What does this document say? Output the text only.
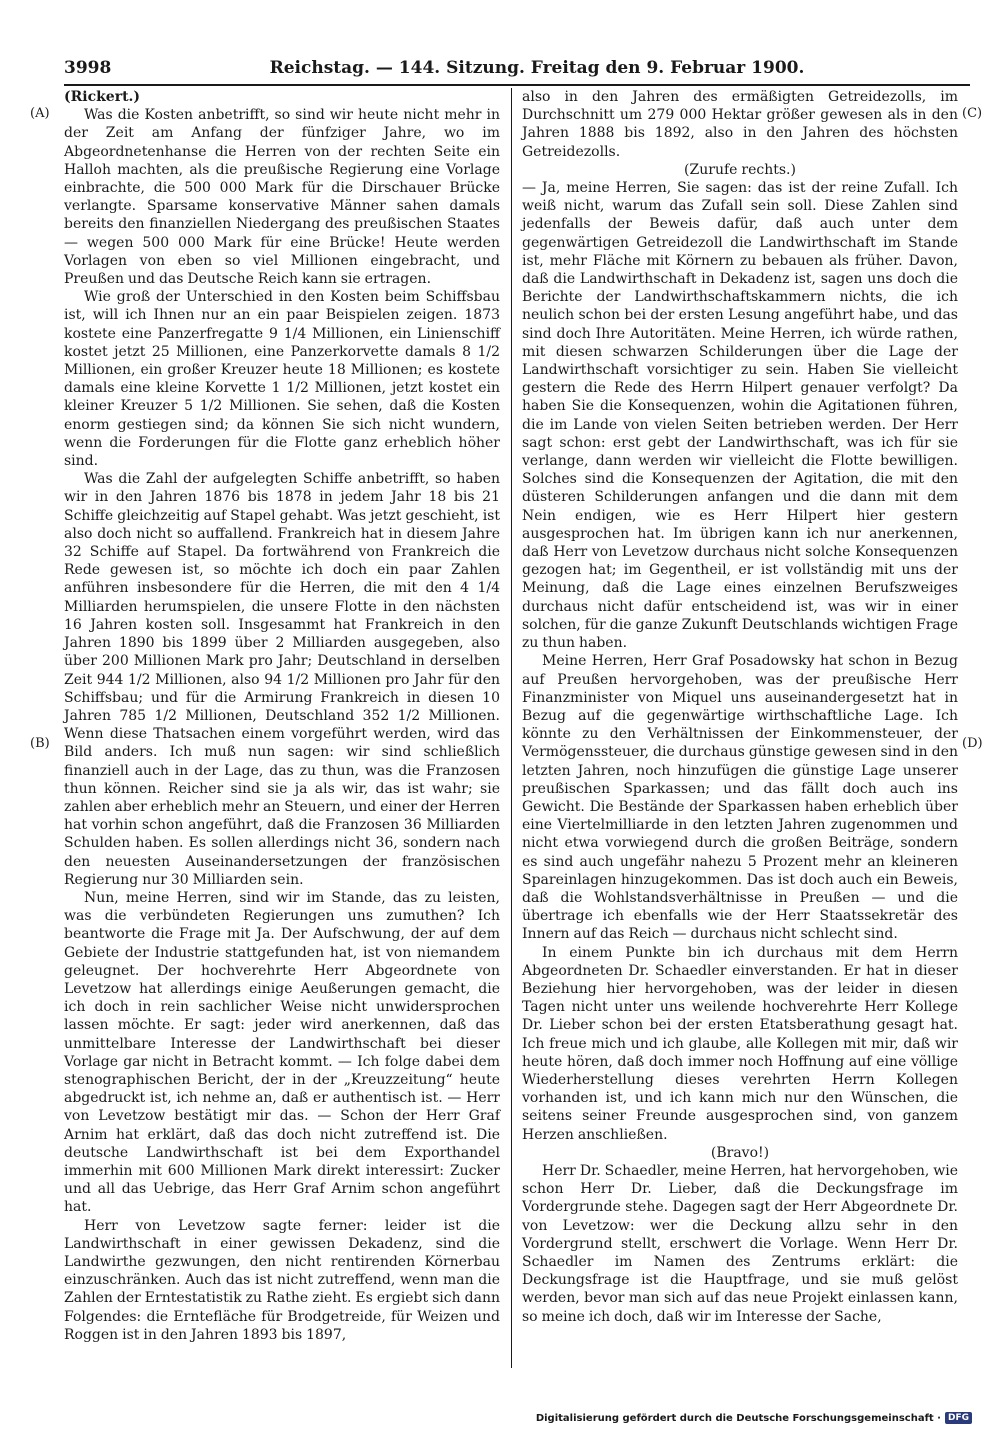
3998	Reichstag. — 144. Sitzung. Freitag den 9. Februar 1900.
(A)
(B)
(C)
(D)

(Rickert.)

Was die Kosten anbetrifft, so sind wir heute nicht mehr in der Zeit am Anfang der fünfziger Jahre, wo im Abgeordnetenhanse die Herren von der rechten Seite ein Halloh machten, als die preußische Regierung eine Vorlage einbrachte, die 500 000 Mark für die Dirschauer Brücke verlangte. Sparsame konservative Männer sahen damals bereits den finanziellen Niedergang des preußischen Staates — wegen 500 000 Mark für eine Brücke! Heute werden Vorlagen von eben so viel Millionen eingebracht, und Preußen und das Deutsche Reich kann sie ertragen.

Wie groß der Unterschied in den Kosten beim Schiffsbau ist, will ich Ihnen nur an ein paar Beispielen zeigen. 1873 kostete eine Panzerfregatte 9 1/4 Millionen, ein Linienschiff kostet jetzt 25 Millionen, eine Panzerkorvette damals 8 1/2 Millionen, ein großer Kreuzer heute 18 Millionen; es kostete damals eine kleine Korvette 1 1/2 Millionen, jetzt kostet ein kleiner Kreuzer 5 1/2 Millionen. Sie sehen, daß die Kosten enorm gestiegen sind; da können Sie sich nicht wundern, wenn die Forderungen für die Flotte ganz erheblich höher sind.

Was die Zahl der aufgelegten Schiffe anbetrifft, so haben wir in den Jahren 1876 bis 1878 in jedem Jahr 18 bis 21 Schiffe gleichzeitig auf Stapel gehabt. Was jetzt geschieht, ist also doch nicht so auffallend. Frankreich hat in diesem Jahre 32 Schiffe auf Stapel. Da fortwährend von Frankreich die Rede gewesen ist, so möchte ich doch ein paar Zahlen anführen insbesondere für die Herren, die mit den 4 1/4 Milliarden herumspielen, die unsere Flotte in den nächsten 16 Jahren kosten soll. Insgesammt hat Frankreich in den Jahren 1890 bis 1899 über 2 Milliarden ausgegeben, also über 200 Millionen Mark pro Jahr; Deutschland in derselben Zeit 944 1/2 Millionen, also 94 1/2 Millionen pro Jahr für den Schiffsbau; und für die Armirung Frankreich in diesen 10 Jahren 785 1/2 Millionen, Deutschland 352 1/2 Millionen. Wenn diese Thatsachen einem vorgeführt werden, wird das Bild anders. Ich muß nun sagen: wir sind schließlich finanziell auch in der Lage, das zu thun, was die Franzosen thun können. Reicher sind sie ja als wir, das ist wahr; sie zahlen aber erheblich mehr an Steuern, und einer der Herren hat vorhin schon angeführt, daß die Franzosen 36 Milliarden Schulden haben. Es sollen allerdings nicht 36, sondern nach den neuesten Auseinandersetzungen der französischen Regierung nur 30 Milliarden sein.

Nun, meine Herren, sind wir im Stande, das zu leisten, was die verbündeten Regierungen uns zumuthen? Ich beantworte die Frage mit Ja. Der Aufschwung, der auf dem Gebiete der Industrie stattgefunden hat, ist von niemandem geleugnet. Der hochverehrte Herr Abgeordnete von Levetzow hat allerdings einige Aeußerungen gemacht, die ich doch in rein sachlicher Weise nicht unwidersprochen lassen möchte. Er sagt: jeder wird anerkennen, daß das unmittelbare Interesse der Landwirthschaft bei dieser Vorlage gar nicht in Betracht kommt. — Ich folge dabei dem stenographischen Bericht, der in der „Kreuzzeitung“ heute abgedruckt ist, ich nehme an, daß er authentisch ist. — Herr von Levetzow bestätigt mir das. — Schon der Herr Graf Arnim hat erklärt, daß das doch nicht zutreffend ist. Die deutsche Landwirthschaft ist bei dem Exporthandel immerhin mit 600 Millionen Mark direkt interessirt: Zucker und all das Uebrige, das Herr Graf Arnim schon angeführt hat.

Herr von Levetzow sagte ferner: leider ist die Landwirthschaft in einer gewissen Dekadenz, sind die Landwirthe gezwungen, den nicht rentirenden Körnerbau einzuschränken. Auch das ist nicht zutreffend, wenn man die Zahlen der Erntestatistik zu Rathe zieht. Es ergiebt sich dann Folgendes: die Erntefläche für Brodgetreide, für Weizen und Roggen ist in den Jahren 1893 bis 1897,

also in den Jahren des ermäßigten Getreidezolls, im Durchschnitt um 279 000 Hektar größer gewesen als in den Jahren 1888 bis 1892, also in den Jahren des höchsten Getreidezolls.

(Zurufe rechts.)

— Ja, meine Herren, Sie sagen: das ist der reine Zufall. Ich weiß nicht, warum das Zufall sein soll. Diese Zahlen sind jedenfalls der Beweis dafür, daß auch unter dem gegenwärtigen Getreidezoll die Landwirthschaft im Stande ist, mehr Fläche mit Körnern zu bebauen als früher. Davon, daß die Landwirthschaft in Dekadenz ist, sagen uns doch die Berichte der Landwirthschaftskammern nichts, die ich neulich schon bei der ersten Lesung angeführt habe, und das sind doch Ihre Autoritäten. Meine Herren, ich würde rathen, mit diesen schwarzen Schilderungen über die Lage der Landwirthschaft vorsichtiger zu sein. Haben Sie vielleicht gestern die Rede des Herrn Hilpert genauer verfolgt? Da haben Sie die Konsequenzen, wohin die Agitationen führen, die im Lande von vielen Seiten betrieben werden. Der Herr sagt schon: erst gebt der Landwirthschaft, was ich für sie verlange, dann werden wir vielleicht die Flotte bewilligen. Solches sind die Konsequenzen der Agitation, die mit den düsteren Schilderungen anfangen und die dann mit dem Nein endigen, wie es Herr Hilpert hier gestern ausgesprochen hat. Im übrigen kann ich nur anerkennen, daß Herr von Levetzow durchaus nicht solche Konsequenzen gezogen hat; im Gegentheil, er ist vollständig mit uns der Meinung, daß die Lage eines einzelnen Berufszweiges durchaus nicht dafür entscheidend ist, was wir in einer solchen, für die ganze Zukunft Deutschlands wichtigen Frage zu thun haben.

Meine Herren, Herr Graf Posadowsky hat schon in Bezug auf Preußen hervorgehoben, was der preußische Herr Finanzminister von Miquel uns auseinandergesetzt hat in Bezug auf die gegenwärtige wirthschaftliche Lage. Ich könnte zu den Verhältnissen der Einkommensteuer, der Vermögenssteuer, die durchaus günstige gewesen sind in den letzten Jahren, noch hinzufügen die günstige Lage unserer preußischen Sparkassen; und das fällt doch auch ins Gewicht. Die Bestände der Sparkassen haben erheblich über eine Viertelmilliarde in den letzten Jahren zugenommen und nicht etwa vorwiegend durch die großen Beiträge, sondern es sind auch ungefähr nahezu 5 Prozent mehr an kleineren Spareinlagen hinzugekommen. Das ist doch auch ein Beweis, daß die Wohlstandsverhältnisse in Preußen — und die übertrage ich ebenfalls wie der Herr Staatssekretär des Innern auf das Reich — durchaus nicht schlecht sind.

In einem Punkte bin ich durchaus mit dem Herrn Abgeordneten Dr. Schaedler einverstanden. Er hat in dieser Beziehung hier hervorgehoben, was der leider in diesen Tagen nicht unter uns weilende hochverehrte Herr Kollege Dr. Lieber schon bei der ersten Etatsberathung gesagt hat. Ich freue mich und ich glaube, alle Kollegen mit mir, daß wir heute hören, daß doch immer noch Hoffnung auf eine völlige Wiederherstellung dieses verehrten Herrn Kollegen vorhanden ist, und ich kann mich nur den Wünschen, die seitens seiner Freunde ausgesprochen sind, von ganzem Herzen anschließen.

(Bravo!)

Herr Dr. Schaedler, meine Herren, hat hervorgehoben, wie schon Herr Dr. Lieber, daß die Deckungsfrage im Vordergrunde stehe. Dagegen sagt der Herr Abgeordnete Dr. von Levetzow: wer die Deckung allzu sehr in den Vordergrund stellt, erschwert die Vorlage. Wenn Herr Dr. Schaedler im Namen des Zentrums erklärt: die Deckungsfrage ist die Hauptfrage, und sie muß gelöst werden, bevor man sich auf das neue Projekt einlassen kann, so meine ich doch, daß wir im Interesse der Sache,

Digitalisierung gefördert durch die Deutsche Forschungsgemeinschaft · DFG
